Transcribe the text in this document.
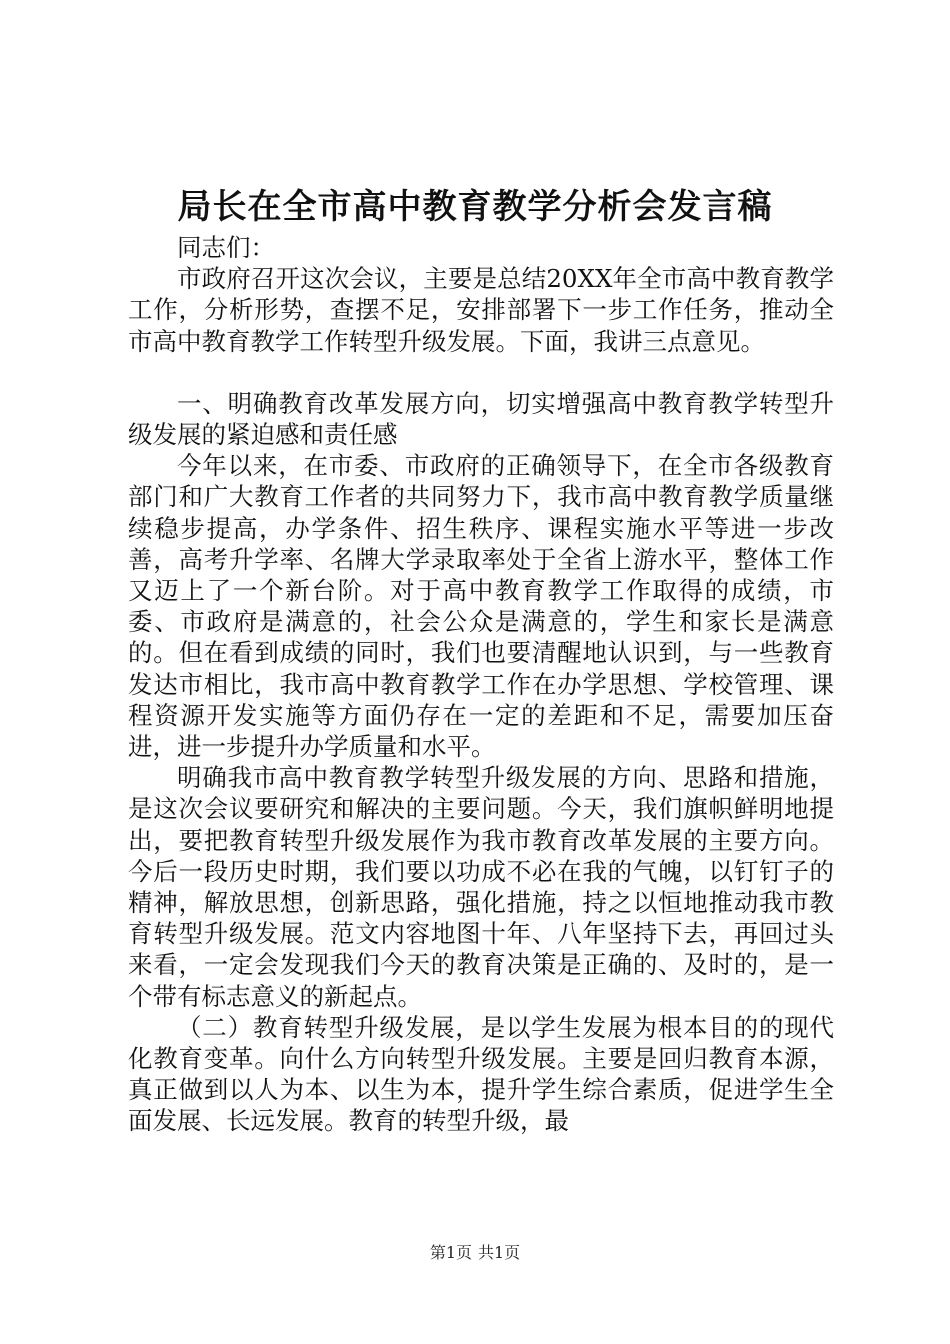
局长在全市高中教育教学分析会发言稿

同志们：

市政府召开这次会议，主要是总结20XX年全市高中教育教学工作，分析形势，查摆不足，安排部署下一步工作任务，推动全市高中教育教学工作转型升级发展。下面，我讲三点意见。

一、明确教育改革发展方向，切实增强高中教育教学转型升级发展的紧迫感和责任感

今年以来，在市委、市政府的正确领导下，在全市各级教育部门和广大教育工作者的共同努力下，我市高中教育教学质量继续稳步提高，办学条件、招生秩序、课程实施水平等进一步改善，高考升学率、名牌大学录取率处于全省上游水平，整体工作又迈上了一个新台阶。对于高中教育教学工作取得的成绩，市委、市政府是满意的，社会公众是满意的，学生和家长是满意的。但在看到成绩的同时，我们也要清醒地认识到，与一些教育发达市相比，我市高中教育教学工作在办学思想、学校管理、课程资源开发实施等方面仍存在一定的差距和不足，需要加压奋进，进一步提升办学质量和水平。

明确我市高中教育教学转型升级发展的方向、思路和措施，是这次会议要研究和解决的主要问题。今天，我们旗帜鲜明地提出，要把教育转型升级发展作为我市教育改革发展的主要方向。今后一段历史时期，我们要以功成不必在我的气魄，以钉钉子的精神，解放思想，创新思路，强化措施，持之以恒地推动我市教育转型升级发展。范文内容地图十年、八年坚持下去，再回过头来看，一定会发现我们今天的教育决策是正确的、及时的，是一个带有标志意义的新起点。

（二）教育转型升级发展，是以学生发展为根本目的的现代化教育变革。向什么方向转型升级发展。主要是回归教育本源，真正做到以人为本、以生为本，提升学生综合素质，促进学生全面发展、长远发展。教育的转型升级，最

第1页 共1页
